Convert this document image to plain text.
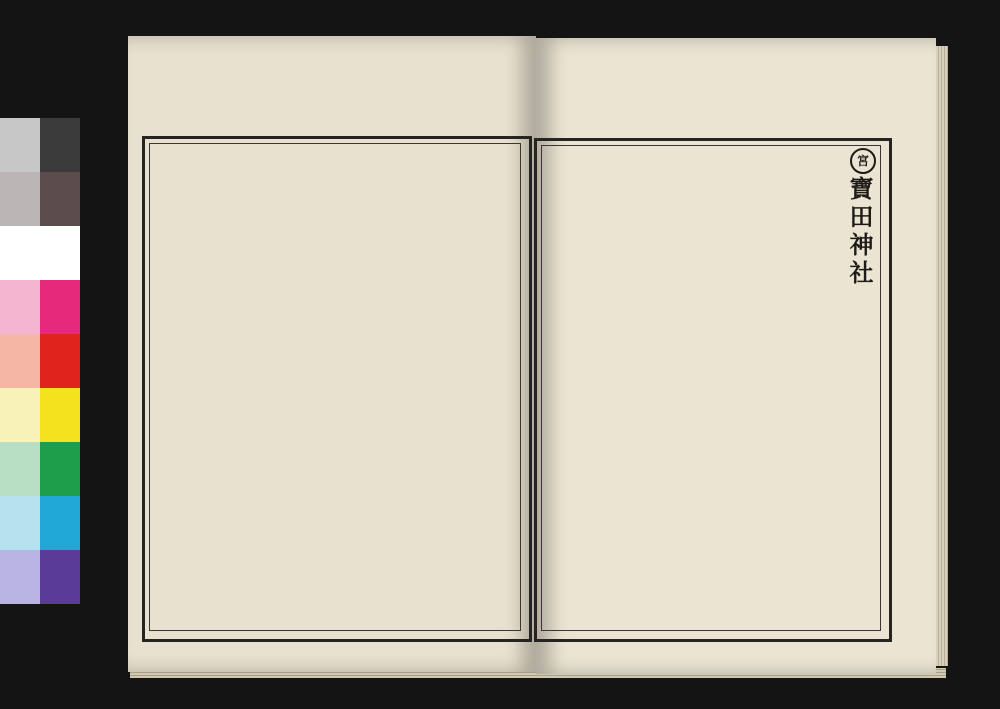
宮
寶田神社
